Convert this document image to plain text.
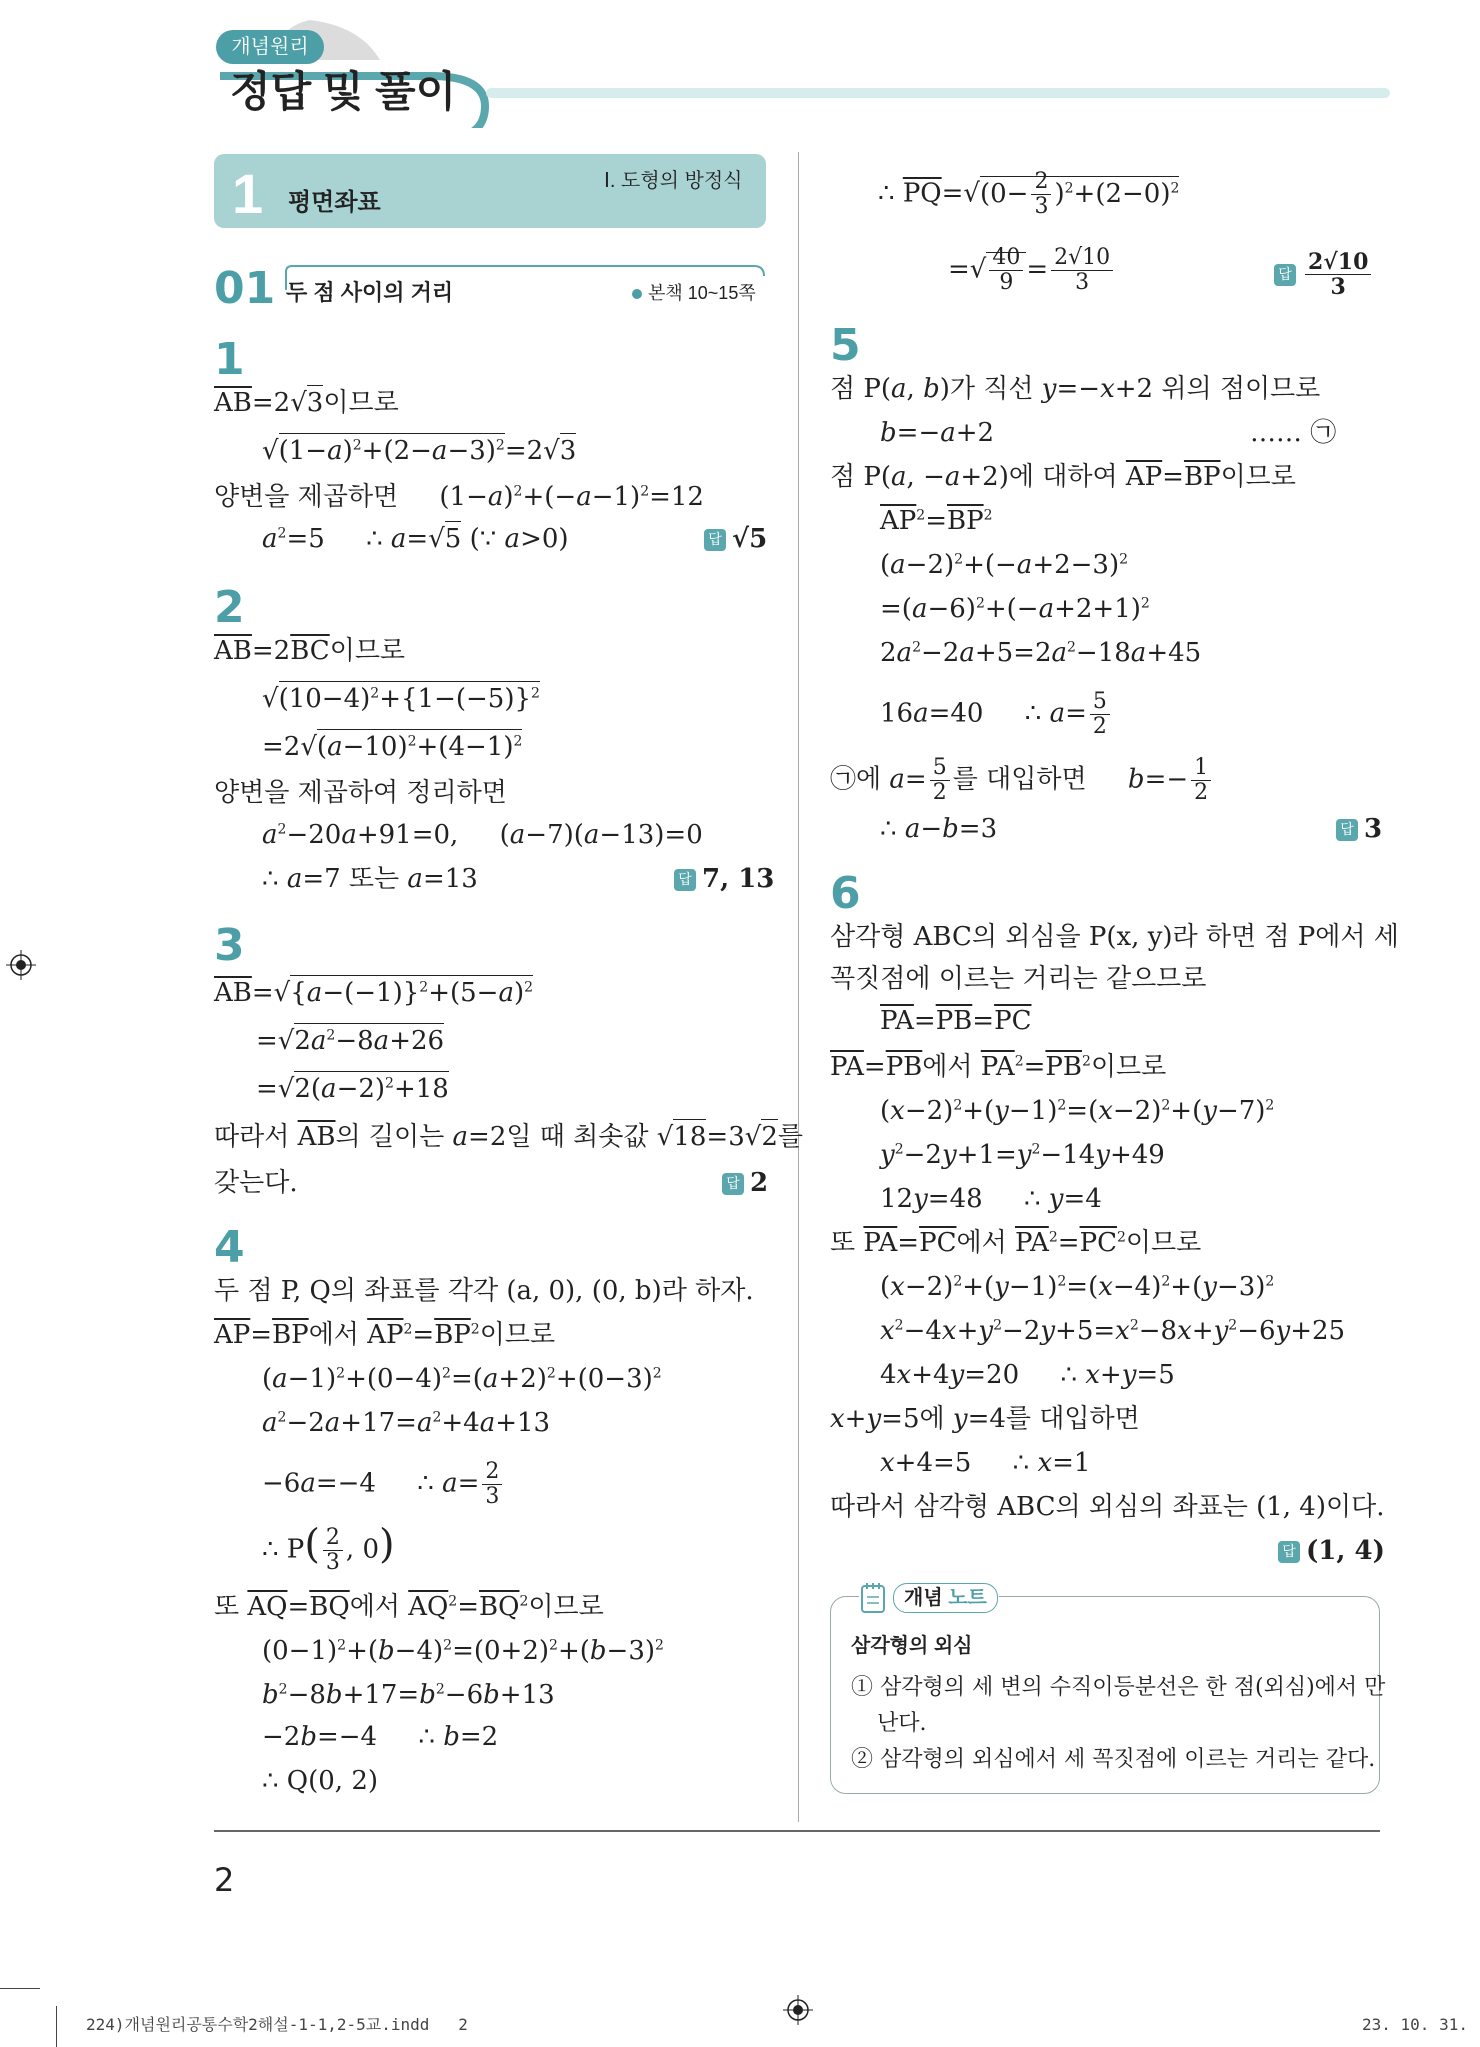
개념원리
정답 및 풀이
1 평면좌표
Ⅰ. 도형의 방정식
01 두 점 사이의 거리	본책 10~15쪽
1
$\overline{AB}=2√3$이므로
$√(1-a)^2+(2-a-3)^2=2√3$
양변을 제곱하면     $(1-a)^2+(-a-1)^2=12$
$a^2=5$     ∴ a=√5 (∵ a>0)	답 √5
2
$\overline{AB}=2\overline{BC}$이므로
$√(10-4)^2+\{1-(-5)\}^2$
$=2√(a-10)^2+(4-1)^2$
양변을 제곱하여 정리하면
$a^2-20a+91=0$,     (a−7)(a−13)=0
∴ a=7 또는 a=13	답 7, 13
3
$\overline{AB}=√\{a-(-1)\}^2+(5-a)^2$
$=√2a^2-8a+26$
$=√2(a-2)^2+18$
따라서 $\overline{AB}$의 길이는 a=2일 때 최솟값 √18=3√2를
갖는다.	답 2
4
두 점 P, Q의 좌표를 각각 (a, 0), (0, b)라 하자.
$\overline{AP}=\overline{BP}$에서 $\overline{AP}^2=\overline{BP}^2$이므로
$(a-1)^2+(0-4)^2=(a+2)^2+(0-3)^2$
$a^2-2a+17=a^2+4a+13$
−6a=−4     ∴ $a= \frac{2}{3}$
∴ $P( \frac{2}{3}$ , 0)
또 $\overline{AQ}=\overline{BQ}$에서 $\overline{AQ}^2=\overline{BQ}^2$이므로
$(0-1)^2+(b-4)^2=(0+2)^2+(b-3)^2$
$b^2-8b+17=b^2-6b+13$
−2b=−4     ∴ b=2
∴ Q(0, 2)
∴ $\overline{PQ}=√(0- \frac{2}{3} )^2+(2-0)^2$
=√ $\frac{40}{9} = \frac{2√10}{3}$	답 $\frac{2√10}{3}$
5
점 P(a, b)가 직선 y=−x+2 위의 점이므로
b=−a+2	…… ㉠
점 P(a, −a+2)에 대하여 $\overline{AP}=\overline{BP}$이므로
$\overline{AP}^2=\overline{BP}^2$
$(a-2)^2+(-a+2-3)^2$
$=(a-6)^2+(-a+2+1)^2$
$2a^2-2a+5=2a^2-18a+45$
16a=40     ∴ $a= \frac{5}{2}$
㉠에 $a= \frac{5}{2}$ 를 대입하면 $b=- \frac{1}{2}$
∴ a−b=3	답 3
6
삼각형 ABC의 외심을 P(x, y)라 하면 점 P에서 세
꼭짓점에 이르는 거리는 같으므로
$\overline{PA}=\overline{PB}=\overline{PC}$
$\overline{PA}=\overline{PB}$에서 $\overline{PA}^2=\overline{PB}^2$이므로
$(x-2)^2+(y-1)^2=(x-2)^2+(y-7)^2$
$y^2-2y+1=y^2-14y+49$
12y=48     ∴ y=4
또 $\overline{PA}=\overline{PC}$에서 $\overline{PA}^2=\overline{PC}^2$이므로
$(x-2)^2+(y-1)^2=(x-4)^2+(y-3)^2$
$x^2-4x+y^2-2y+5=x^2-8x+y^2-6y+25$
4x+4y=20     ∴ x+y=5
x+y=5에 y=4를 대입하면
x+4=5     ∴ x=1
따라서 삼각형 ABC의 외심의 좌표는 (1, 4)이다.
답 (1, 4)
개념 노트
삼각형의 외심
① 삼각형의 세 변의 수직이등분선은 한 점(외심)에서 만
난다.
② 삼각형의 외심에서 세 꼭짓점에 이르는 거리는 같다.
2
224)개념원리공통수학2해설-1-1,2-5교.indd   2	23. 10. 31.
